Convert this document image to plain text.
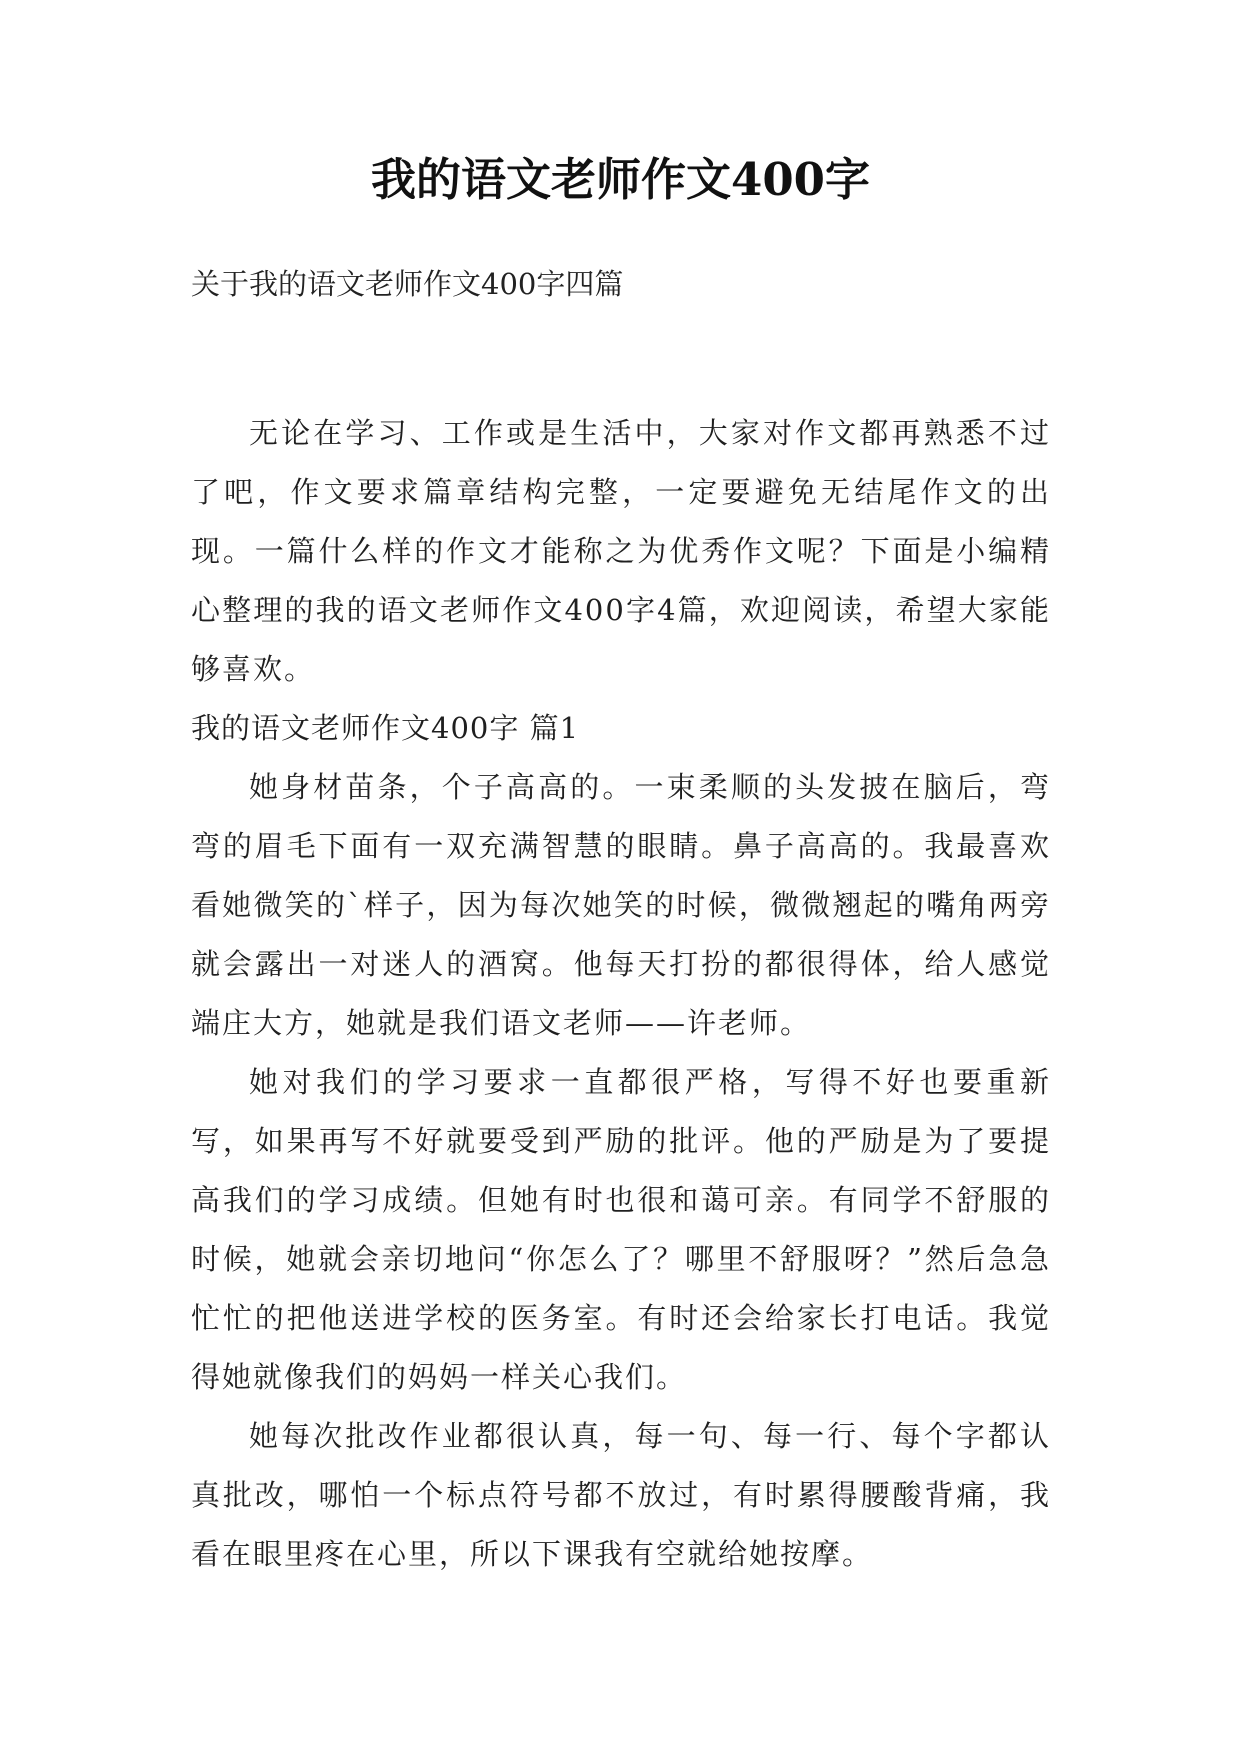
我的语文老师作文400字
关于我的语文老师作文400字四篇

无论在学习、工作或是生活中，大家对作文都再熟悉不过了吧，作文要求篇章结构完整，一定要避免无结尾作文的出现。一篇什么样的作文才能称之为优秀作文呢？下面是小编精心整理的我的语文老师作文400字4篇，欢迎阅读，希望大家能够喜欢。

我的语文老师作文400字 篇1

她身材苗条，个子高高的。一束柔顺的头发披在脑后，弯弯的眉毛下面有一双充满智慧的眼睛。鼻子高高的。我最喜欢看她微笑的`样子，因为每次她笑的时候，微微翘起的嘴角两旁就会露出一对迷人的酒窝。他每天打扮的都很得体，给人感觉端庄大方，她就是我们语文老师——许老师。

她对我们的学习要求一直都很严格，写得不好也要重新写，如果再写不好就要受到严励的批评。他的严励是为了要提高我们的学习成绩。但她有时也很和蔼可亲。有同学不舒服的时候，她就会亲切地问“你怎么了？哪里不舒服呀？”然后急急忙忙的把他送进学校的医务室。有时还会给家长打电话。我觉得她就像我们的妈妈一样关心我们。

她每次批改作业都很认真，每一句、每一行、每个字都认真批改，哪怕一个标点符号都不放过，有时累得腰酸背痛，我看在眼里疼在心里，所以下课我有空就给她按摩。
